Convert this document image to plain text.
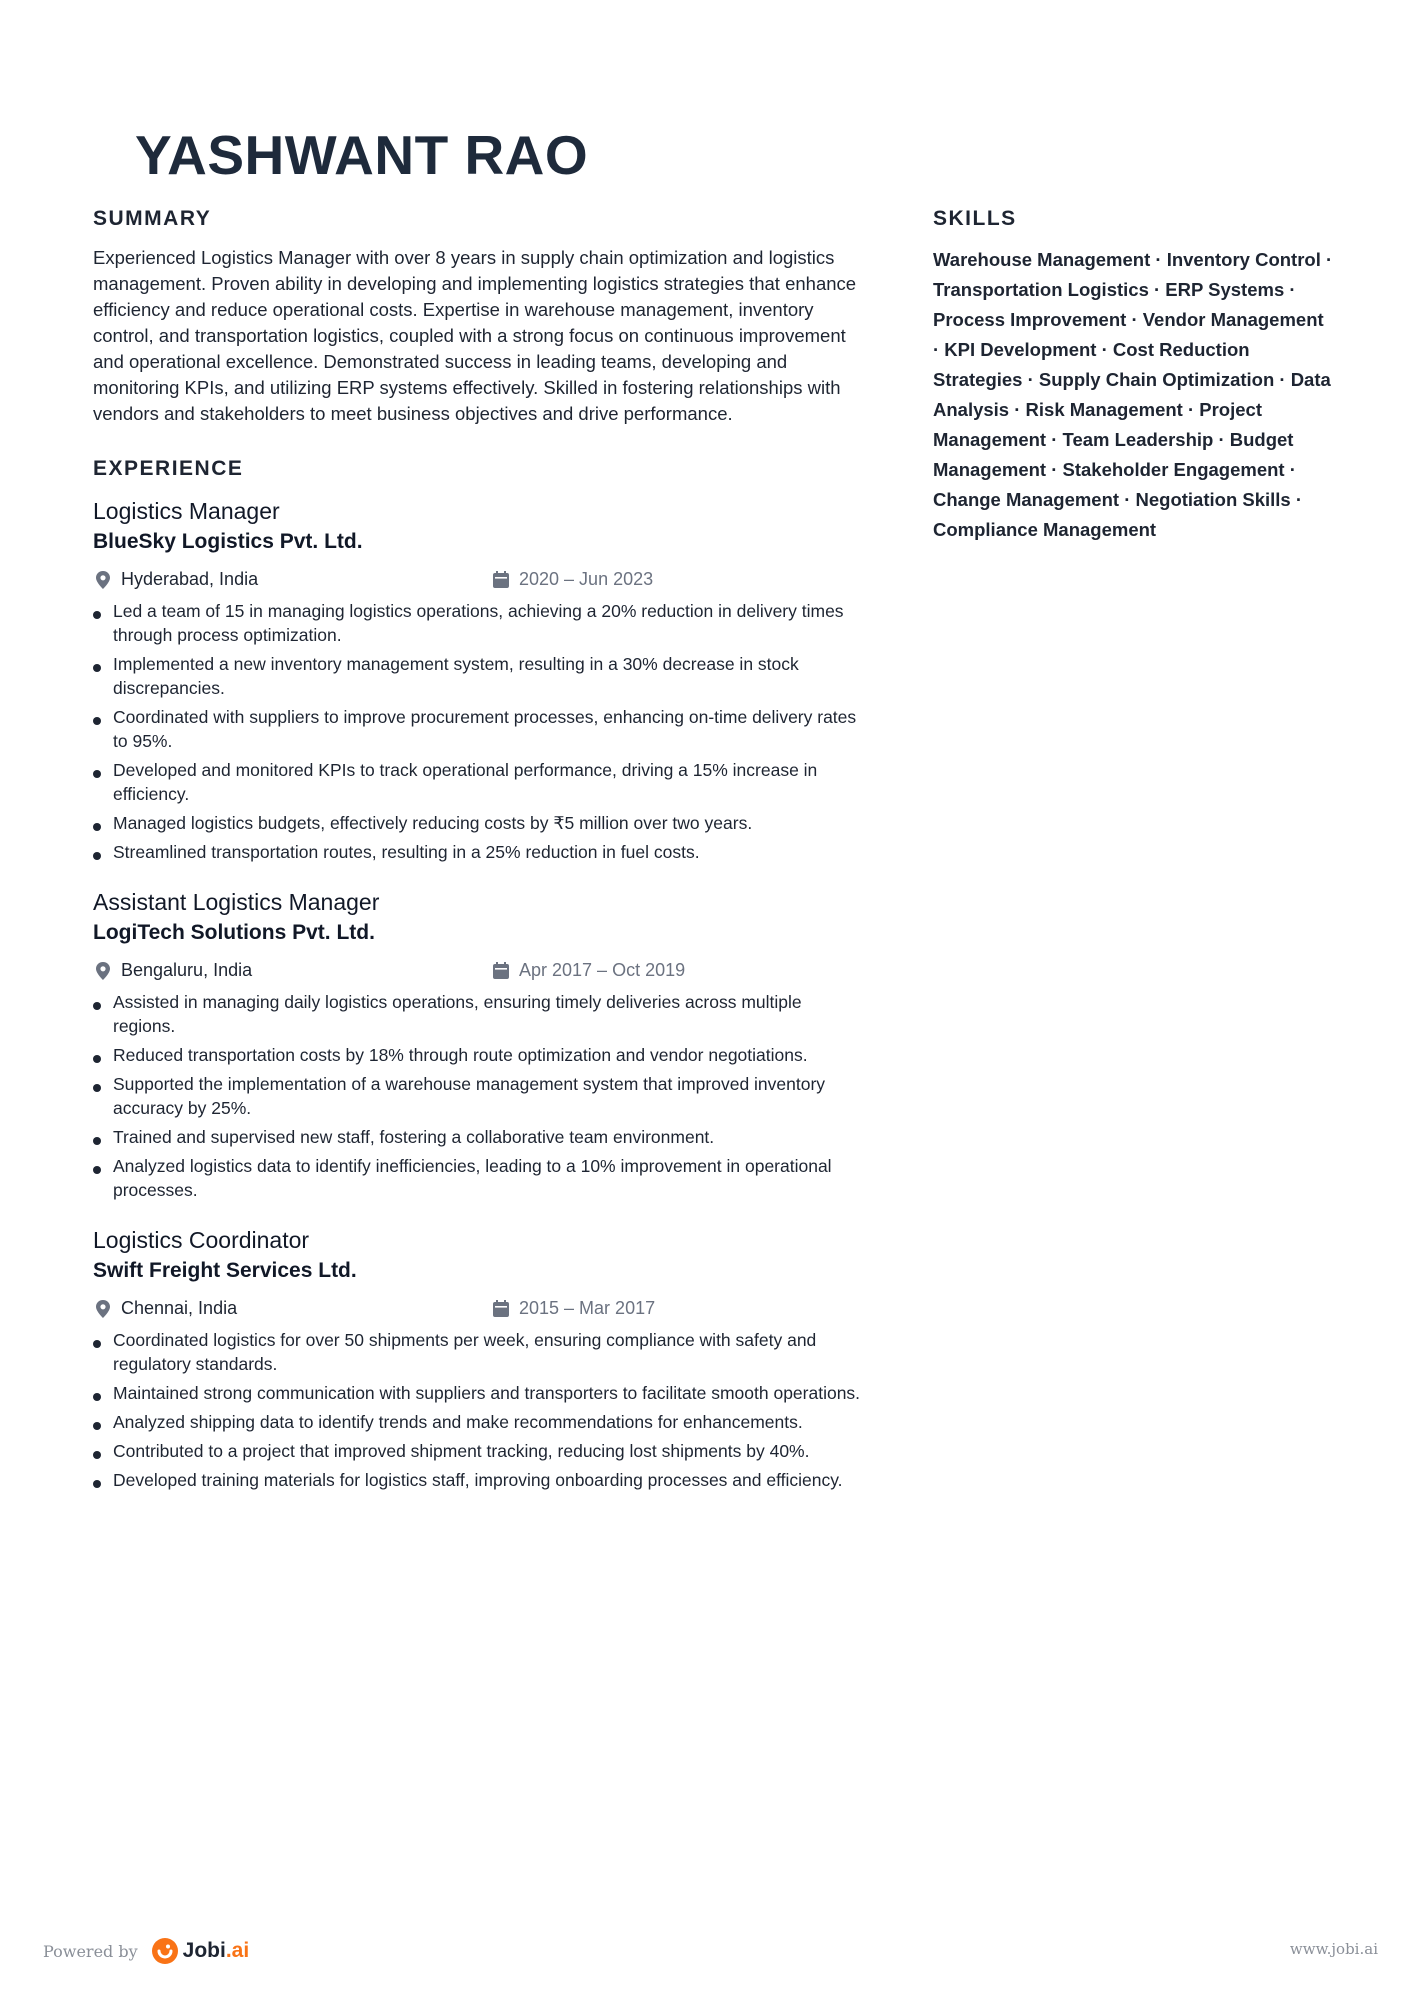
YASHWANT RAO
SUMMARY

Experienced Logistics Manager with over 8 years in supply chain optimization and logistics management. Proven ability in developing and implementing logistics strategies that enhance efficiency and reduce operational costs. Expertise in warehouse management, inventory control, and transportation logistics, coupled with a strong focus on continuous improvement and operational excellence. Demonstrated success in leading teams, developing and monitoring KPIs, and utilizing ERP systems effectively. Skilled in fostering relationships with vendors and stakeholders to meet business objectives and drive performance.

EXPERIENCE

Logistics Manager

BlueSky Logistics Pvt. Ltd.

Hyderabad, India	2020 – Jun 2023
Led a team of 15 in managing logistics operations, achieving a 20% reduction in delivery times through process optimization.
Implemented a new inventory management system, resulting in a 30% decrease in stock discrepancies.
Coordinated with suppliers to improve procurement processes, enhancing on-time delivery rates to 95%.
Developed and monitored KPIs to track operational performance, driving a 15% increase in efficiency.
Managed logistics budgets, effectively reducing costs by ₹5 million over two years.
Streamlined transportation routes, resulting in a 25% reduction in fuel costs.

Assistant Logistics Manager

LogiTech Solutions Pvt. Ltd.

Bengaluru, India	Apr 2017 – Oct 2019
Assisted in managing daily logistics operations, ensuring timely deliveries across multiple regions.
Reduced transportation costs by 18% through route optimization and vendor negotiations.
Supported the implementation of a warehouse management system that improved inventory accuracy by 25%.
Trained and supervised new staff, fostering a collaborative team environment.
Analyzed logistics data to identify inefficiencies, leading to a 10% improvement in operational processes.

Logistics Coordinator

Swift Freight Services Ltd.

Chennai, India	2015 – Mar 2017
Coordinated logistics for over 50 shipments per week, ensuring compliance with safety and regulatory standards.
Maintained strong communication with suppliers and transporters to facilitate smooth operations.
Analyzed shipping data to identify trends and make recommendations for enhancements.
Contributed to a project that improved shipment tracking, reducing lost shipments by 40%.
Developed training materials for logistics staff, improving onboarding processes and efficiency.
SKILLS

Warehouse Management · Inventory Control · Transportation Logistics · ERP Systems · Process Improvement · Vendor Management · KPI Development · Cost Reduction Strategies · Supply Chain Optimization · Data Analysis · Risk Management · Project Management · Team Leadership · Budget Management · Stakeholder Engagement · Change Management · Negotiation Skills · Compliance Management

Powered by Jobi.ai	www.jobi.ai
